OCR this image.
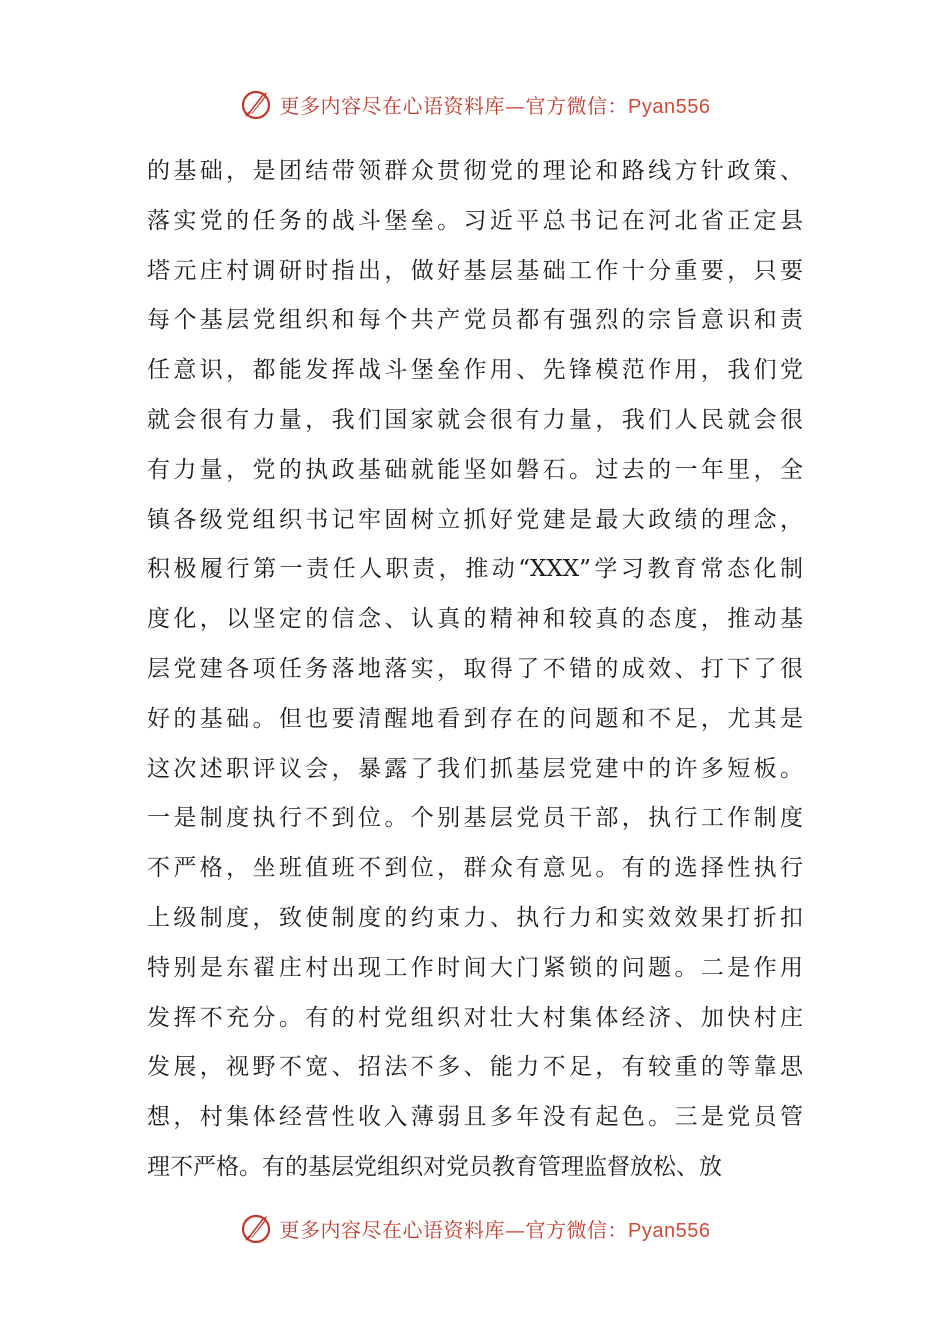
更多内容尽在心语资料库—官方微信：Pyan556
的基础，是团结带领群众贯彻党的理论和路线方针政策、
落实党的任务的战斗堡垒。习近平总书记在河北省正定县
塔元庄村调研时指出，做好基层基础工作十分重要，只要
每个基层党组织和每个共产党员都有强烈的宗旨意识和责
任意识，都能发挥战斗堡垒作用、先锋模范作用，我们党
就会很有力量，我们国家就会很有力量，我们人民就会很
有力量，党的执政基础就能坚如磐石。过去的一年里，全
镇各级党组织书记牢固树立抓好党建是最大政绩的理念，
积极履行第一责任人职责，推动“XXX”学习教育常态化制
度化，以坚定的信念、认真的精神和较真的态度，推动基
层党建各项任务落地落实，取得了不错的成效、打下了很
好的基础。但也要清醒地看到存在的问题和不足，尤其是
这次述职评议会，暴露了我们抓基层党建中的许多短板。
一是制度执行不到位。个别基层党员干部，执行工作制度
不严格，坐班值班不到位，群众有意见。有的选择性执行
上级制度，致使制度的约束力、执行力和实效效果打折扣
特别是东翟庄村出现工作时间大门紧锁的问题。二是作用
发挥不充分。有的村党组织对壮大村集体经济、加快村庄
发展，视野不宽、招法不多、能力不足，有较重的等靠思
想，村集体经营性收入薄弱且多年没有起色。三是党员管
理不严格。有的基层党组织对党员教育管理监督放松、放
更多内容尽在心语资料库—官方微信：Pyan556
